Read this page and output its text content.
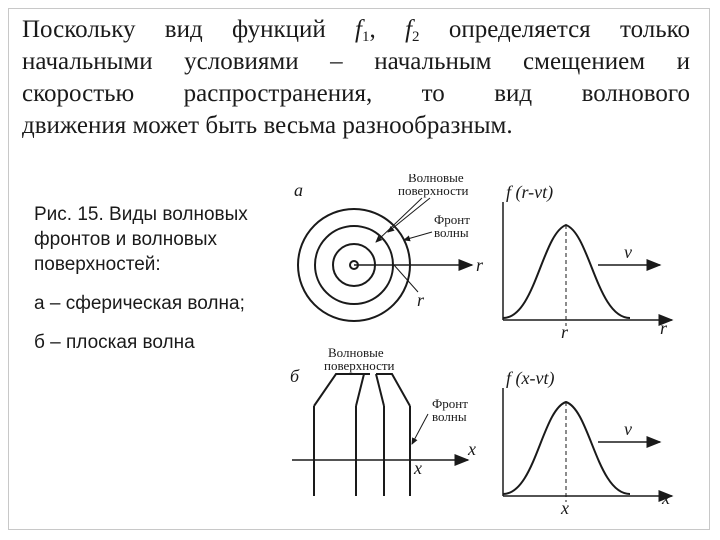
Поскольку вид функций $f_1$, $f_2$ определяется только
начальными условиями – начальным смещением и
скоростью распространения, то вид волнового
движения может быть весьма разнообразным.

Рис. 15. Виды волновых фронтов и волновых поверхностей:

а – сферическая волна;

б – плоская волна

a
r
r
Волновые
поверхности
Фронт
волны
f (r-vt)
v
r	r
б
Волновые
поверхности
x
x
Фронт
волны
f (x-vt)
v
x	x
